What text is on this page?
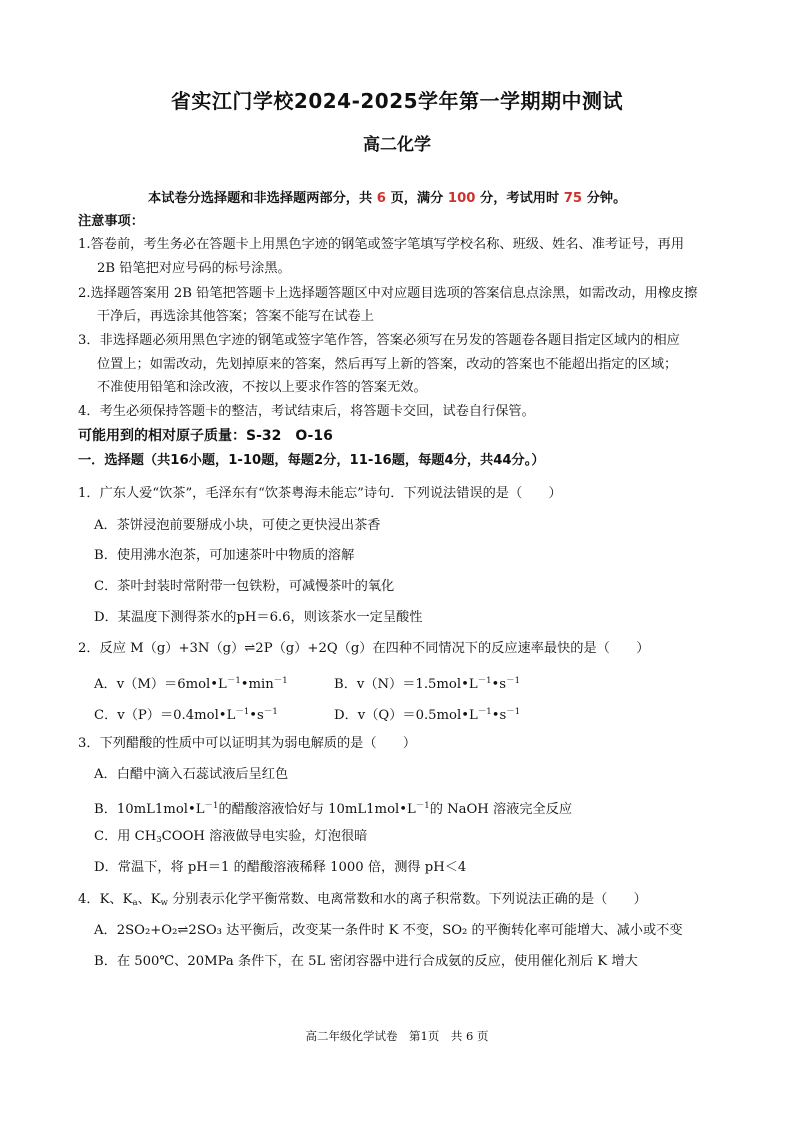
省实江门学校2024-2025学年第一学期期中测试
高二化学
本试卷分选择题和非选择题两部分，共 6 页，满分 100 分，考试用时 75 分钟。
注意事项：
1.答卷前，考生务必在答题卡上用黑色字迹的钢笔或签字笔填写学校名称、班级、姓名、准考证号，再用
2B 铅笔把对应号码的标号涂黑。
2.选择题答案用 2B 铅笔把答题卡上选择题答题区中对应题目选项的答案信息点涂黑，如需改动，用橡皮擦
干净后，再选涂其他答案；答案不能写在试卷上
3．非选择题必须用黑色字迹的钢笔或签字笔作答，答案必须写在另发的答题卷各题目指定区域内的相应
位置上；如需改动，先划掉原来的答案，然后再写上新的答案，改动的答案也不能超出指定的区域；
不准使用铅笔和涂改液，不按以上要求作答的答案无效。
4．考生必须保持答题卡的整洁，考试结束后，将答题卡交回，试卷自行保管。
可能用到的相对原子质量：S-32　O-16
一．选择题（共16小题，1-10题，每题2分，11-16题，每题4分，共44分。）
1．广东人爱“饮茶”，毛泽东有“饮茶粤海未能忘”诗句．下列说法错误的是（　　）
A．茶饼浸泡前要掰成小块，可使之更快浸出茶香
B．使用沸水泡茶，可加速茶叶中物质的溶解
C．茶叶封装时常附带一包铁粉，可减慢茶叶的氧化
D．某温度下测得茶水的pH＝6.6，则该茶水一定呈酸性
2．反应 M（g）+3N（g）⇌2P（g）+2Q（g）在四种不同情况下的反应速率最快的是（　　）
A．$v(M)=6mol•L^{-1}•\min^{-1}$	B．$v(N)=1.5mol•L^{-1}•s^{-1}$
C．$v(P)=0.4mol•L^{-1}•s^{-1}$	D．$v(Q)=0.5mol•L^{-1}•s^{-1}$
3．下列醋酸的性质中可以证明其为弱电解质的是（　　）
A．白醋中滴入石蕊试液后呈红色
B．$10mL1mol•L^{-1}$的醋酸溶液恰好与 $10mL1mol•L^{-1}$的 NaOH 溶液完全反应
C．用 $CH_3COOH$ 溶液做导电实验，灯泡很暗
D．常温下，将 pH＝1 的醋酸溶液稀释 1000 倍，测得 pH＜4
4．K、$K_a$、$K_w$ 分别表示化学平衡常数、电离常数和水的离子积常数。下列说法正确的是（　　）
A．2SO₂+O₂⇌2SO₃ 达平衡后，改变某一条件时 K 不变，SO₂ 的平衡转化率可能增大、减小或不变
B．在 500℃、20MPa 条件下，在 5L 密闭容器中进行合成氨的反应，使用催化剂后 K 增大
高二年级化学试卷　第1页　共 6 页
